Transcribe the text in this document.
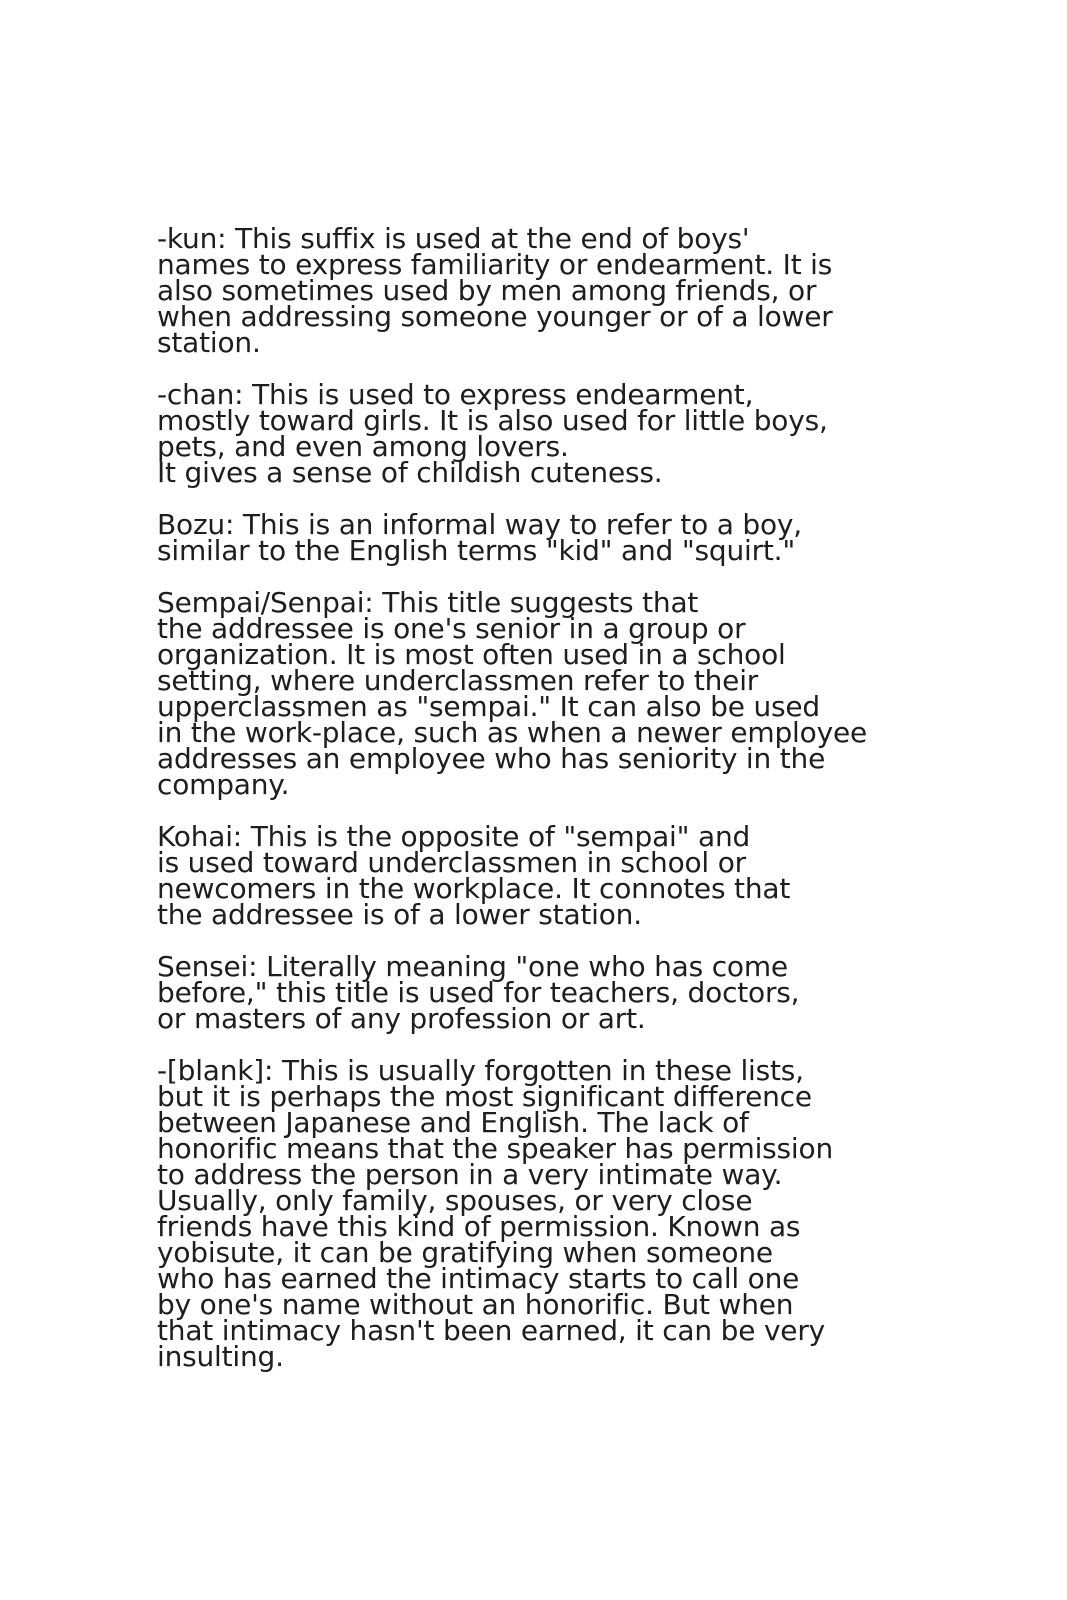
-kun: This suffix is used at the end of boys'
names to express familiarity or endearment. It is
also sometimes used by men among friends, or
when addressing someone younger or of a lower
station.
-chan: This is used to express endearment,
mostly toward girls. It is also used for little boys,
pets, and even among lovers.
It gives a sense of childish cuteness.
Bozu: This is an informal way to refer to a boy,
similar to the English terms "kid" and "squirt."
Sempai/Senpai: This title suggests that
the addressee is one's senior in a group or
organization. It is most often used in a school
setting, where underclassmen refer to their
upperclassmen as "sempai." It can also be used
in the work-place, such as when a newer employee
addresses an employee who has seniority in the
company.
Kohai: This is the opposite of "sempai" and
is used toward underclassmen in school or
newcomers in the workplace. It connotes that
the addressee is of a lower station.
Sensei: Literally meaning "one who has come
before," this title is used for teachers, doctors,
or masters of any profession or art.
-[blank]: This is usually forgotten in these lists,
but it is perhaps the most significant difference
between Japanese and English. The lack of
honorific means that the speaker has permission
to address the person in a very intimate way.
Usually, only family, spouses, or very close
friends have this kind of permission. Known as
yobisute, it can be gratifying when someone
who has earned the intimacy starts to call one
by one's name without an honorific. But when
that intimacy hasn't been earned, it can be very
insulting.
